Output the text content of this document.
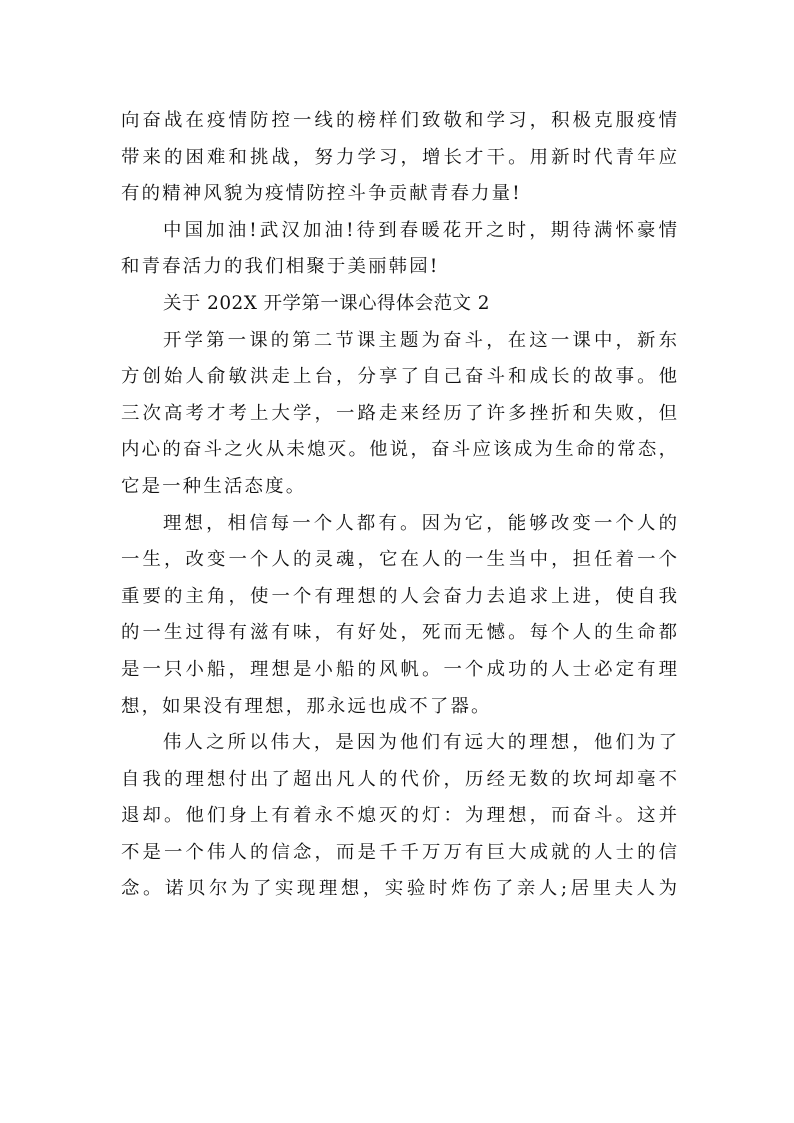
向奋战在疫情防控一线的榜样们致敬和学习，积极克服疫情
带来的困难和挑战，努力学习，增长才干。用新时代青年应
有的精神风貌为疫情防控斗争贡献青春力量!
中国加油!武汉加油!待到春暖花开之时，期待满怀豪情
和青春活力的我们相聚于美丽韩园!
关于 202X 开学第一课心得体会范文 2
开学第一课的第二节课主题为奋斗，在这一课中，新东
方创始人俞敏洪走上台，分享了自己奋斗和成长的故事。他
三次高考才考上大学，一路走来经历了许多挫折和失败，但
内心的奋斗之火从未熄灭。他说，奋斗应该成为生命的常态，
它是一种生活态度。
理想，相信每一个人都有。因为它，能够改变一个人的
一生，改变一个人的灵魂，它在人的一生当中，担任着一个
重要的主角，使一个有理想的人会奋力去追求上进，使自我
的一生过得有滋有味，有好处，死而无憾。每个人的生命都
是一只小船，理想是小船的风帆。一个成功的人士必定有理
想，如果没有理想，那永远也成不了器。
伟人之所以伟大，是因为他们有远大的理想，他们为了
自我的理想付出了超出凡人的代价，历经无数的坎坷却毫不
退却。他们身上有着永不熄灭的灯：为理想，而奋斗。这并
不是一个伟人的信念，而是千千万万有巨大成就的人士的信
念。诺贝尔为了实现理想，实验时炸伤了亲人;居里夫人为
